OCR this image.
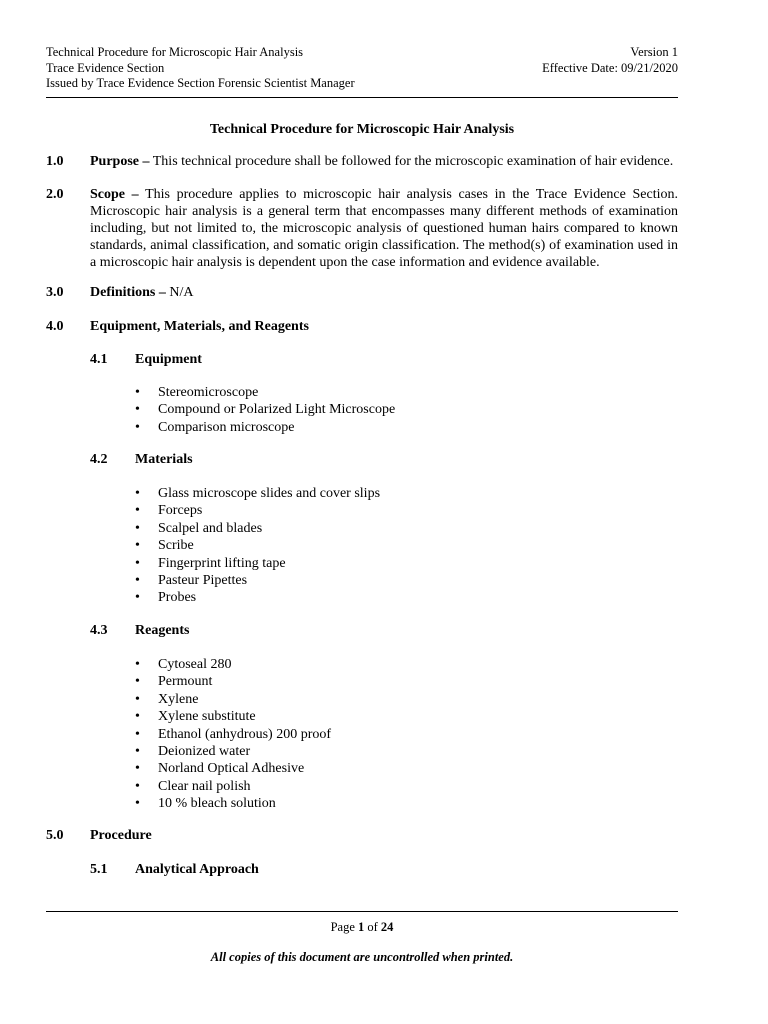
Technical Procedure for Microscopic Hair Analysis
Trace Evidence Section
Issued by Trace Evidence Section Forensic Scientist Manager
Version 1
Effective Date: 09/21/2020
Technical Procedure for Microscopic Hair Analysis
1.0 Purpose – This technical procedure shall be followed for the microscopic examination of hair evidence.
2.0 Scope – This procedure applies to microscopic hair analysis cases in the Trace Evidence Section. Microscopic hair analysis is a general term that encompasses many different methods of examination including, but not limited to, the microscopic analysis of questioned human hairs compared to known standards, animal classification, and somatic origin classification. The method(s) of examination used in a microscopic hair analysis is dependent upon the case information and evidence available.
3.0 Definitions – N/A
4.0 Equipment, Materials, and Reagents
4.1 Equipment
• Stereomicroscope
• Compound or Polarized Light Microscope
• Comparison microscope
4.2 Materials
• Glass microscope slides and cover slips
• Forceps
• Scalpel and blades
• Scribe
• Fingerprint lifting tape
• Pasteur Pipettes
• Probes
4.3 Reagents
• Cytoseal 280
• Permount
• Xylene
• Xylene substitute
• Ethanol (anhydrous) 200 proof
• Deionized water
• Norland Optical Adhesive
• Clear nail polish
• 10 % bleach solution
5.0 Procedure
5.1 Analytical Approach
Page 1 of 24
All copies of this document are uncontrolled when printed.
